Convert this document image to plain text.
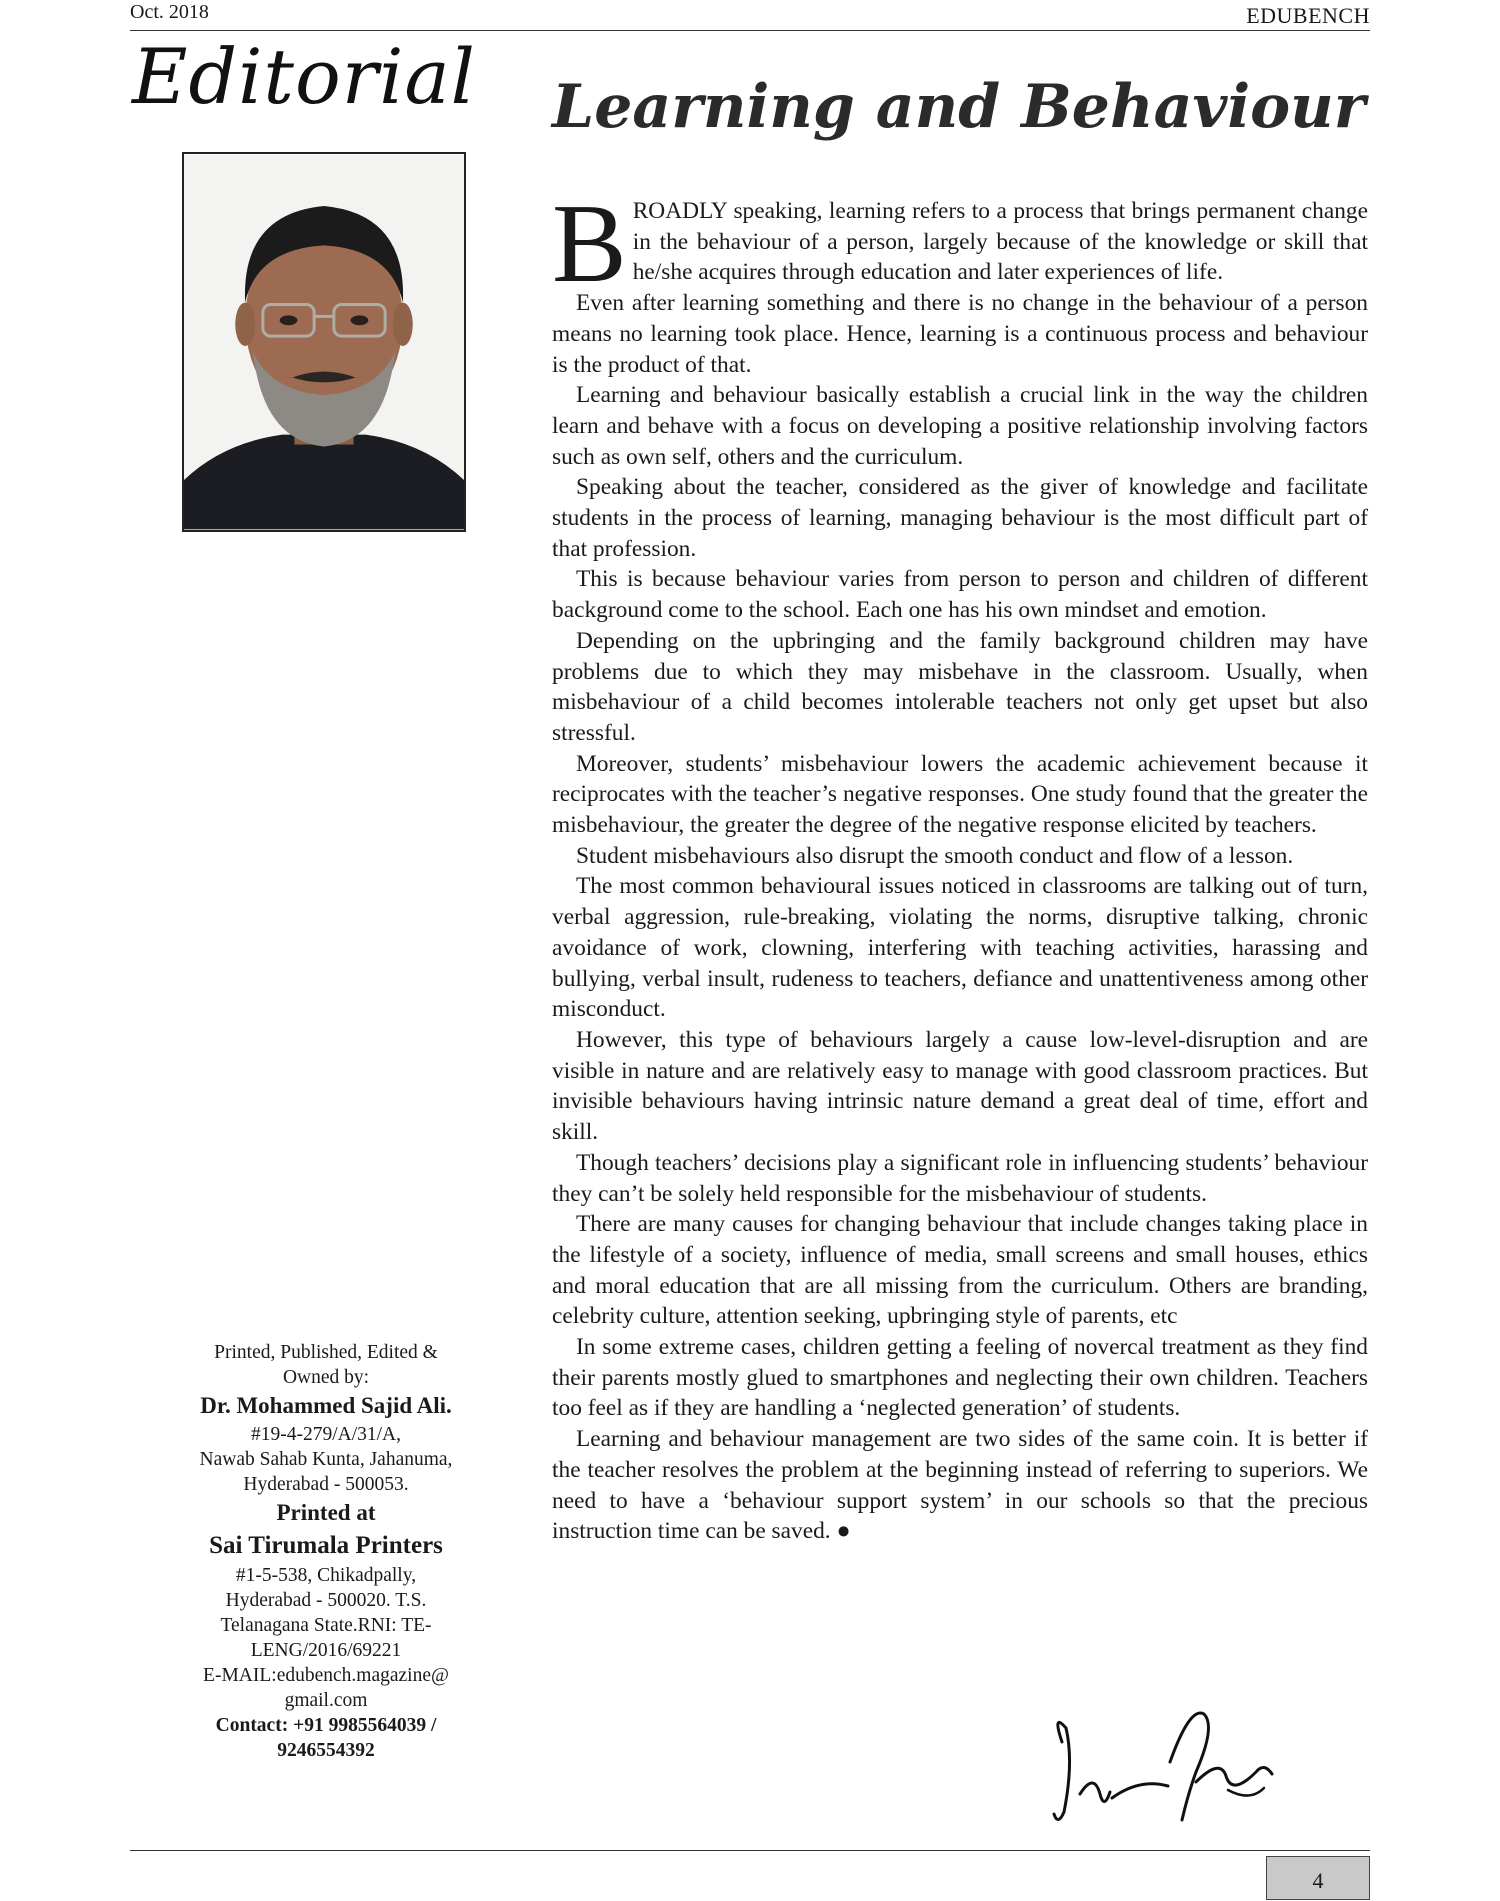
Oct. 2018	EDUBENCH
Editorial Learning and Behaviour

BROADLY speaking, learning refers to a process that brings permanent change in the behaviour of a person, largely because of the knowledge or skill that he/she acquires through education and later experiences of life.

Even after learning something and there is no change in the behaviour of a person means no learning took place. Hence, learning is a continuous process and behaviour is the product of that.

Learning and behaviour basically establish a crucial link in the way the children learn and behave with a focus on developing a positive relationship involving factors such as own self, others and the curriculum.

Speaking about the teacher, considered as the giver of knowledge and facilitate students in the process of learning, managing behaviour is the most difficult part of that profession.

This is because behaviour varies from person to person and children of different background come to the school. Each one has his own mindset and emotion.

Depending on the upbringing and the family background children may have problems due to which they may misbehave in the classroom. Usually, when misbehaviour of a child becomes intolerable teachers not only get upset but also stressful.

Moreover, students’ misbehaviour lowers the academic achievement because it reciprocates with the teacher’s negative responses. One study found that the greater the misbehaviour, the greater the degree of the negative response elicited by teachers.

Student misbehaviours also disrupt the smooth conduct and flow of a lesson.

The most common behavioural issues noticed in classrooms are talking out of turn, verbal aggression, rule-breaking, violating the norms, disruptive talking, chronic avoidance of work, clowning, interfering with teaching activities, harassing and bullying, verbal insult, rudeness to teachers, defiance and unattentiveness among other misconduct.

However, this type of behaviours largely a cause low-level-disruption and are visible in nature and are relatively easy to manage with good classroom practices. But invisible behaviours having intrinsic nature demand a great deal of time, effort and skill.

Though teachers’ decisions play a significant role in influencing students’ behaviour they can’t be solely held responsible for the misbehaviour of students.

There are many causes for changing behaviour that include changes taking place in the lifestyle of a society, influence of media, small screens and small houses, ethics and moral education that are all missing from the curriculum. Others are branding, celebrity culture, attention seeking, upbringing style of parents, etc

In some extreme cases, children getting a feeling of novercal treatment as they find their parents mostly glued to smartphones and neglecting their own children. Teachers too feel as if they are handling a ‘neglected generation’ of students.

Learning and behaviour management are two sides of the same coin. It is better if the teacher resolves the problem at the beginning instead of referring to superiors. We need to have a ‘behaviour support system’ in our schools so that the precious instruction time can be saved. ●

Printed, Published, Edited &
Owned by:
Dr. Mohammed Sajid Ali.
#19-4-279/A/31/A,
Nawab Sahab Kunta, Jahanuma,
Hyderabad - 500053.
Printed at
Sai Tirumala Printers
#1-5-538, Chikadpally,
Hyderabad - 500020. T.S.
Telanagana State.RNI: TE-
LENG/2016/69221
E-MAIL:edubench.magazine@
gmail.com
Contact: +91 9985564039 /
9246554392
4
